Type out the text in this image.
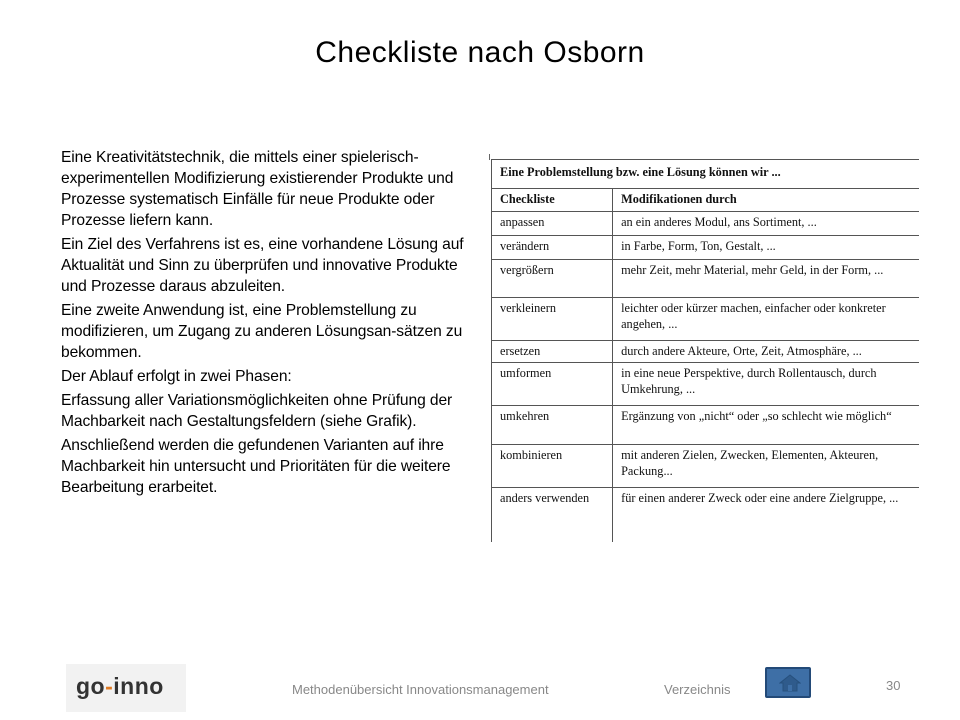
Checkliste nach Osborn

Eine Kreativitätstechnik, die mittels einer spielerisch-experimentellen Modifizierung existierender Produkte und Prozesse systematisch Einfälle für neue Produkte oder Prozesse liefern kann.

Ein Ziel des Verfahrens ist es, eine vorhandene Lösung auf Aktualität und Sinn zu überprüfen und innovative Produkte und Prozesse daraus abzuleiten.

Eine zweite Anwendung ist, eine Problemstellung zu modifizieren, um Zugang zu anderen Lösungsan-sätzen zu bekommen.

Der Ablauf erfolgt in zwei Phasen:

Erfassung aller Variationsmöglichkeiten ohne Prüfung der Machbarkeit nach Gestaltungsfeldern (siehe Grafik).

Anschließend werden die gefundenen Varianten auf ihre Machbarkeit hin untersucht und Prioritäten für die weitere Bearbeitung erarbeitet.

Eine Problemstellung bzw. eine Lösung können wir ...		
Checkliste	Modifikationen durch	
anpassen	an ein anderes Modul, ans Sortiment, ...	
verändern	in Farbe, Form, Ton, Gestalt, ...	
vergrößern	mehr Zeit, mehr Material, mehr Geld, in der Form, ...	
verkleinern	leichter oder kürzer machen, einfacher oder konkreter angehen, ...	
ersetzen	durch andere Akteure, Orte, Zeit, Atmosphäre, ...	
umformen	in eine neue Perspektive, durch Rollentausch, durch Umkehrung, ...	
umkehren	Ergänzung von „nicht“ oder „so schlecht wie möglich“	
kombinieren	mit anderen Zielen, Zwecken, Elementen, Akteuren, Packung...	
anders verwenden	für einen anderer Zweck oder eine andere Zielgruppe, ...	
go-inno	Methodenübersicht Innovationsmanagement	Verzeichnis	30
